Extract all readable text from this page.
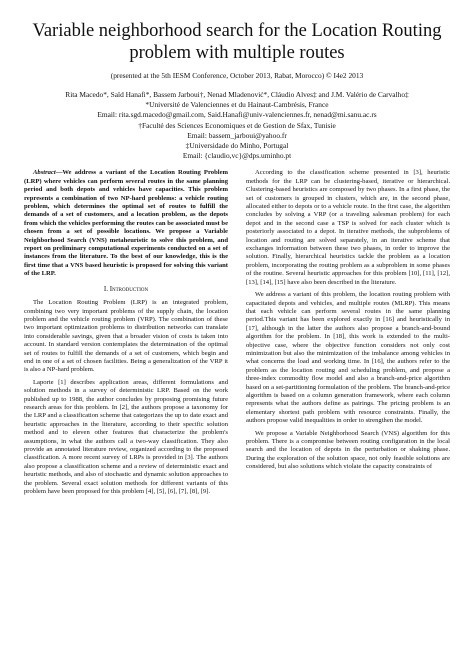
Variable neighborhood search for the Location Routing problem with multiple routes
(presented at the 5th IESM Conference, October 2013, Rabat, Morocco) © I4e2 2013
Rita Macedo*, Saïd Hanafi*, Bassem Jarboui†, Nenad Mladenović*, Cláudio Alves‡ and J.M. Valério de Carvalho‡
*Université de Valenciennes et du Hainaut-Cambrésis, France
Email: rita.sgd.macedo@gmail.com, Said.Hanafi@univ-valenciennes.fr, nenad@mi.sanu.ac.rs
†Faculté des Sciences Economiques et de Gestion de Sfax, Tunisie
Email: bassem_jarboui@yahoo.fr
‡Universidade do Minho, Portugal
Email: {claudio,vc}@dps.uminho.pt

Abstract—We address a variant of the Location Routing Problem (LRP) where vehicles can perform several routes in the same planning period and both depots and vehicles have capacities. This problem represents a combination of two NP-hard problems: a vehicle routing problem, which determines the optimal set of routes to fulfill the demands of a set of customers, and a location problem, as the depots from which the vehicles performing the routes can be associated must be chosen from a set of possible locations. We propose a Variable Neighborhood Search (VNS) metaheuristic to solve this problem, and report on preliminary computational experiments conducted on a set of instances from the literature. To the best of our knowledge, this is the first time that a VNS based heuristic is proposed for solving this variant of the LRP.

I. Introduction

The Location Routing Problem (LRP) is an integrated problem, combining two very important problems of the supply chain, the location problem and the vehicle routing problem (VRP). The combination of these two important optimization problems to distribution networks can translate into considerable savings, given that a broader vision of costs is taken into account. In standard version contemplates the determination of the optimal set of routes to fulfill the demands of a set of customers, which begin and end in one of a set of chosen facilities. Being a generalization of the VRP it is also a NP-hard problem.

Laporte [1] describes application areas, different formulations and solution methods in a survey of deterministic LRP. Based on the work published up to 1988, the author concludes by proposing promising future research areas for this problem. In [2], the authors propose a taxonomy for the LRP and a classification scheme that categorizes the up to date exact and heuristic approaches in the literature, according to their specific solution method and to eleven other features that characterize the problem's assumptions, in what the authors call a two-way classification. They also provide an annotated literature review, organized according to the proposed classification. A more recent survey of LRPs is provided in [3]. The authors also propose a classification scheme and a review of deterministic exact and heuristic methods, and also of stochastic and dynamic solution approaches to the problem. Several exact solution methods for different variants of this problem have been proposed for this problem [4], [5], [6], [7], [8], [9].

According to the classification scheme presented in [3], heuristic methods for the LRP can be clustering-based, iterative or hierarchical. Clustering-based heuristics are composed by two phases. In a first phase, the set of customers is grouped in clusters, which are, in the second phase, allocated either to depots or to a vehicle route. In the first case, the algorithm concludes by solving a VRP (or a traveling salesman problem) for each depot and in the second case a TSP is solved for each cluster which is posteriorly associated to a depot. In iterative methods, the subproblems of location and routing are solved separately, in an iterative scheme that exchanges information between these two phases, in order to improve the solution. Finally, hierarchical heuristics tackle the problem as a location problem, incorporating the routing problem as a subproblem in some phases of the routine. Several heuristic approaches for this problem [10], [11], [12], [13], [14], [15] have also been described in the literature.

We address a variant of this problem, the location routing problem with capacitated depots and vehicles, and multiple routes (MLRP). This means that each vehicle can perform several routes in the same planning period.This variant has been explored exactly in [16] and heuristically in [17], although in the latter the authors also propose a branch-and-bound algorithm for the problem. In [18], this work is extended to the multi-objective case, where the objective function considers not only cost minimization but also the minimization of the imbalance among vehicles in what concerns the load and working time. In [16], the authors refer to the problem as the location routing and scheduling problem, and propose a three-index commodity flow model and also a branch-and-price algorithm based on a set-partitioning formulation of the problem. The branch-and-price algorithm is based on a column generation framework, where each column represents what the authors define as pairings. The pricing problem is an elementary shortest path problem with resource constraints. Finally, the authors propose valid inequalities in order to strengthen the model.

We propose a Variable Neighborhood Search (VNS) algorithm for this problem. There is a compromise between routing configuration in the local search and the location of depots in the perturbation or shaking phase. During the exploration of the solution space, not only feasible solutions are considered, but also solutions which violate the capacity constraints of
